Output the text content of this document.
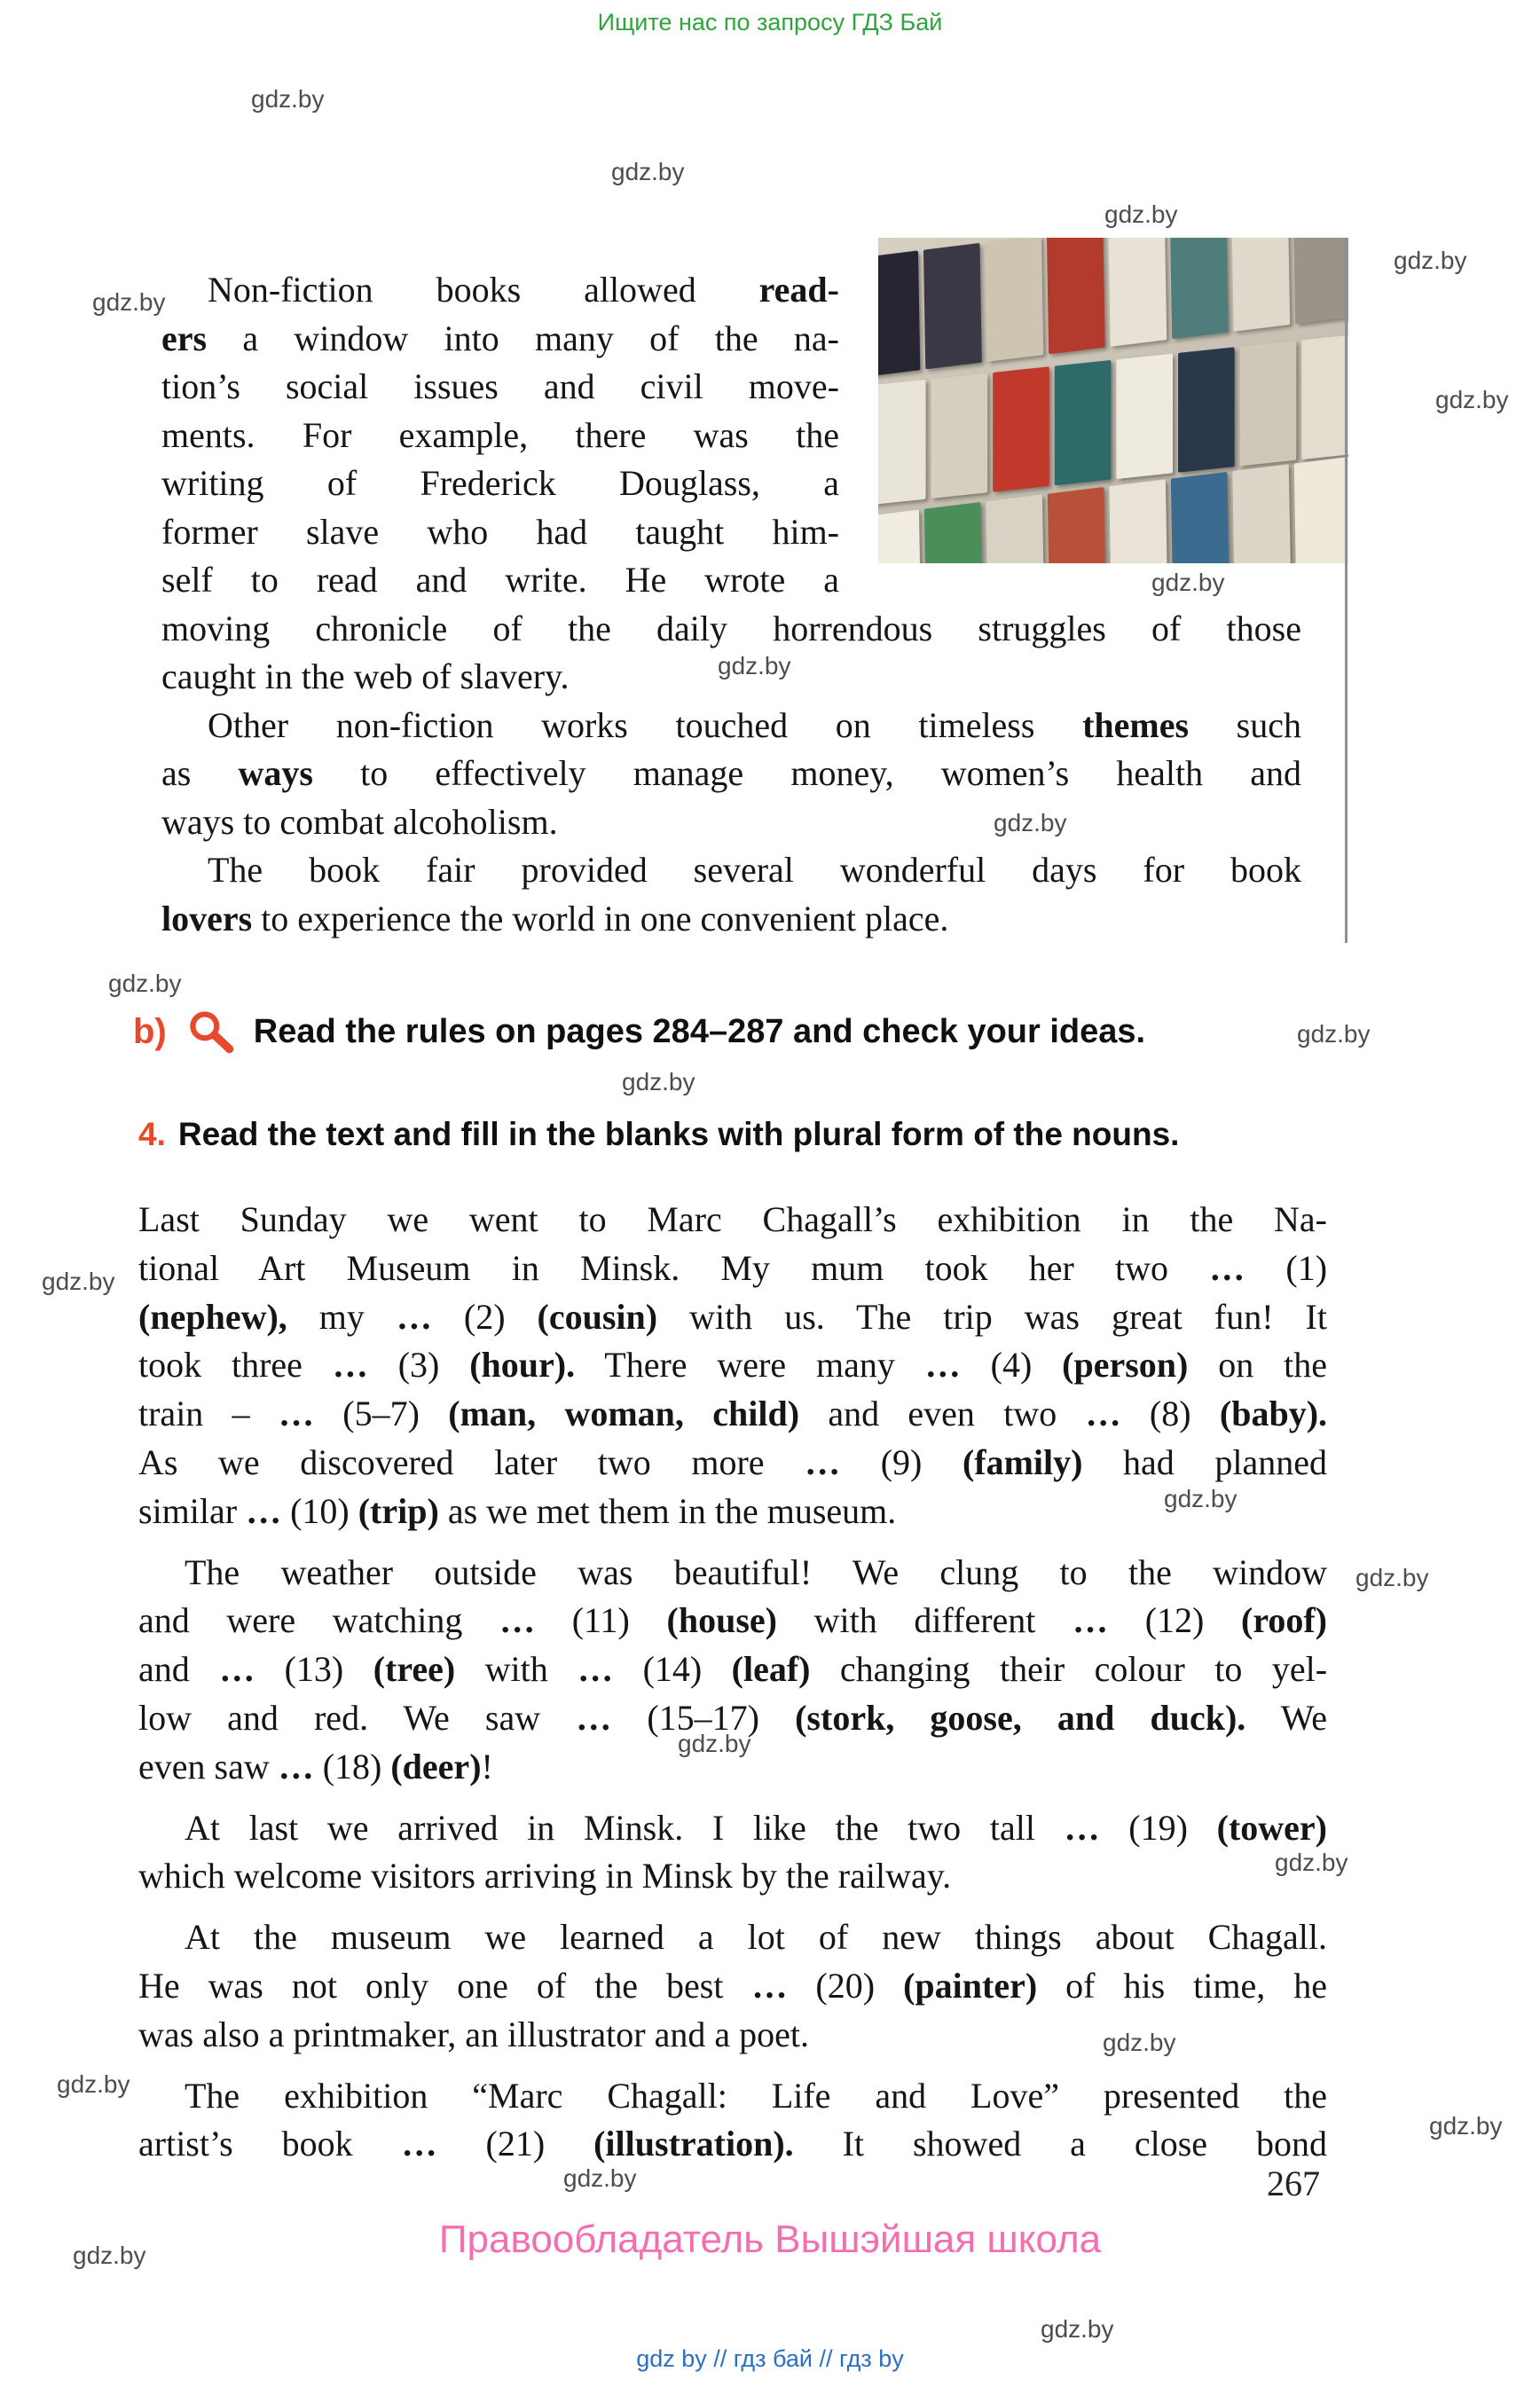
Ищите нас по запросу ГДЗ Бай
gdz.by
gdz.by
gdz.by
gdz.by
gdz.by
gdz.by
gdz.by
gdz.by
gdz.by
gdz.by
gdz.by
gdz.by
gdz.by
gdz.by
gdz.by
gdz.by
gdz.by
gdz.by
gdz.by
gdz.by
gdz.by
gdz.by
gdz.by
Non-fiction books allowed read-
ers a window into many of the na-
tion’s social issues and civil move-
ments. For example, there was the
writing of Frederick Douglass, a
former slave who had taught him-
self to read and write. He wrote a
moving chronicle of the daily horrendous struggles of those
caught in the web of slavery.
Other non-fiction works touched on timeless themes such
as ways to effectively manage money, women’s health and
ways to combat alcoholism.
The book fair provided several wonderful days for book
lovers to experience the world in one convenient place.
b)	Read the rules on pages 284–287 and check your ideas.
4. Read the text and fill in the blanks with plural form of the nouns.
Last Sunday we went to Marc Chagall’s exhibition in the Na-
tional Art Museum in Minsk. My mum took her two … (1)
(nephew), my … (2) (cousin) with us. The trip was great fun! It
took three … (3) (hour). There were many … (4) (person) on the
train – … (5–7) (man, woman, child) and even two … (8) (baby).
As we discovered later two more … (9) (family) had planned
similar … (10) (trip) as we met them in the museum.
The weather outside was beautiful! We clung to the window
and were watching … (11) (house) with different … (12) (roof)
and … (13) (tree) with … (14) (leaf) changing their colour to yel-
low and red. We saw … (15–17) (stork, goose, and duck). We
even saw … (18) (deer)!
At last we arrived in Minsk. I like the two tall … (19) (tower)
which welcome visitors arriving in Minsk by the railway.
At the museum we learned a lot of new things about Chagall.
He was not only one of the best … (20) (painter) of his time, he
was also a printmaker, an illustrator and a poet.
The exhibition “Marc Chagall: Life and Love” presented the
artist’s book … (21) (illustration). It showed a close bond
267
Правообладатель Вышэйшая школа
gdz by // гдз бай // гдз by
